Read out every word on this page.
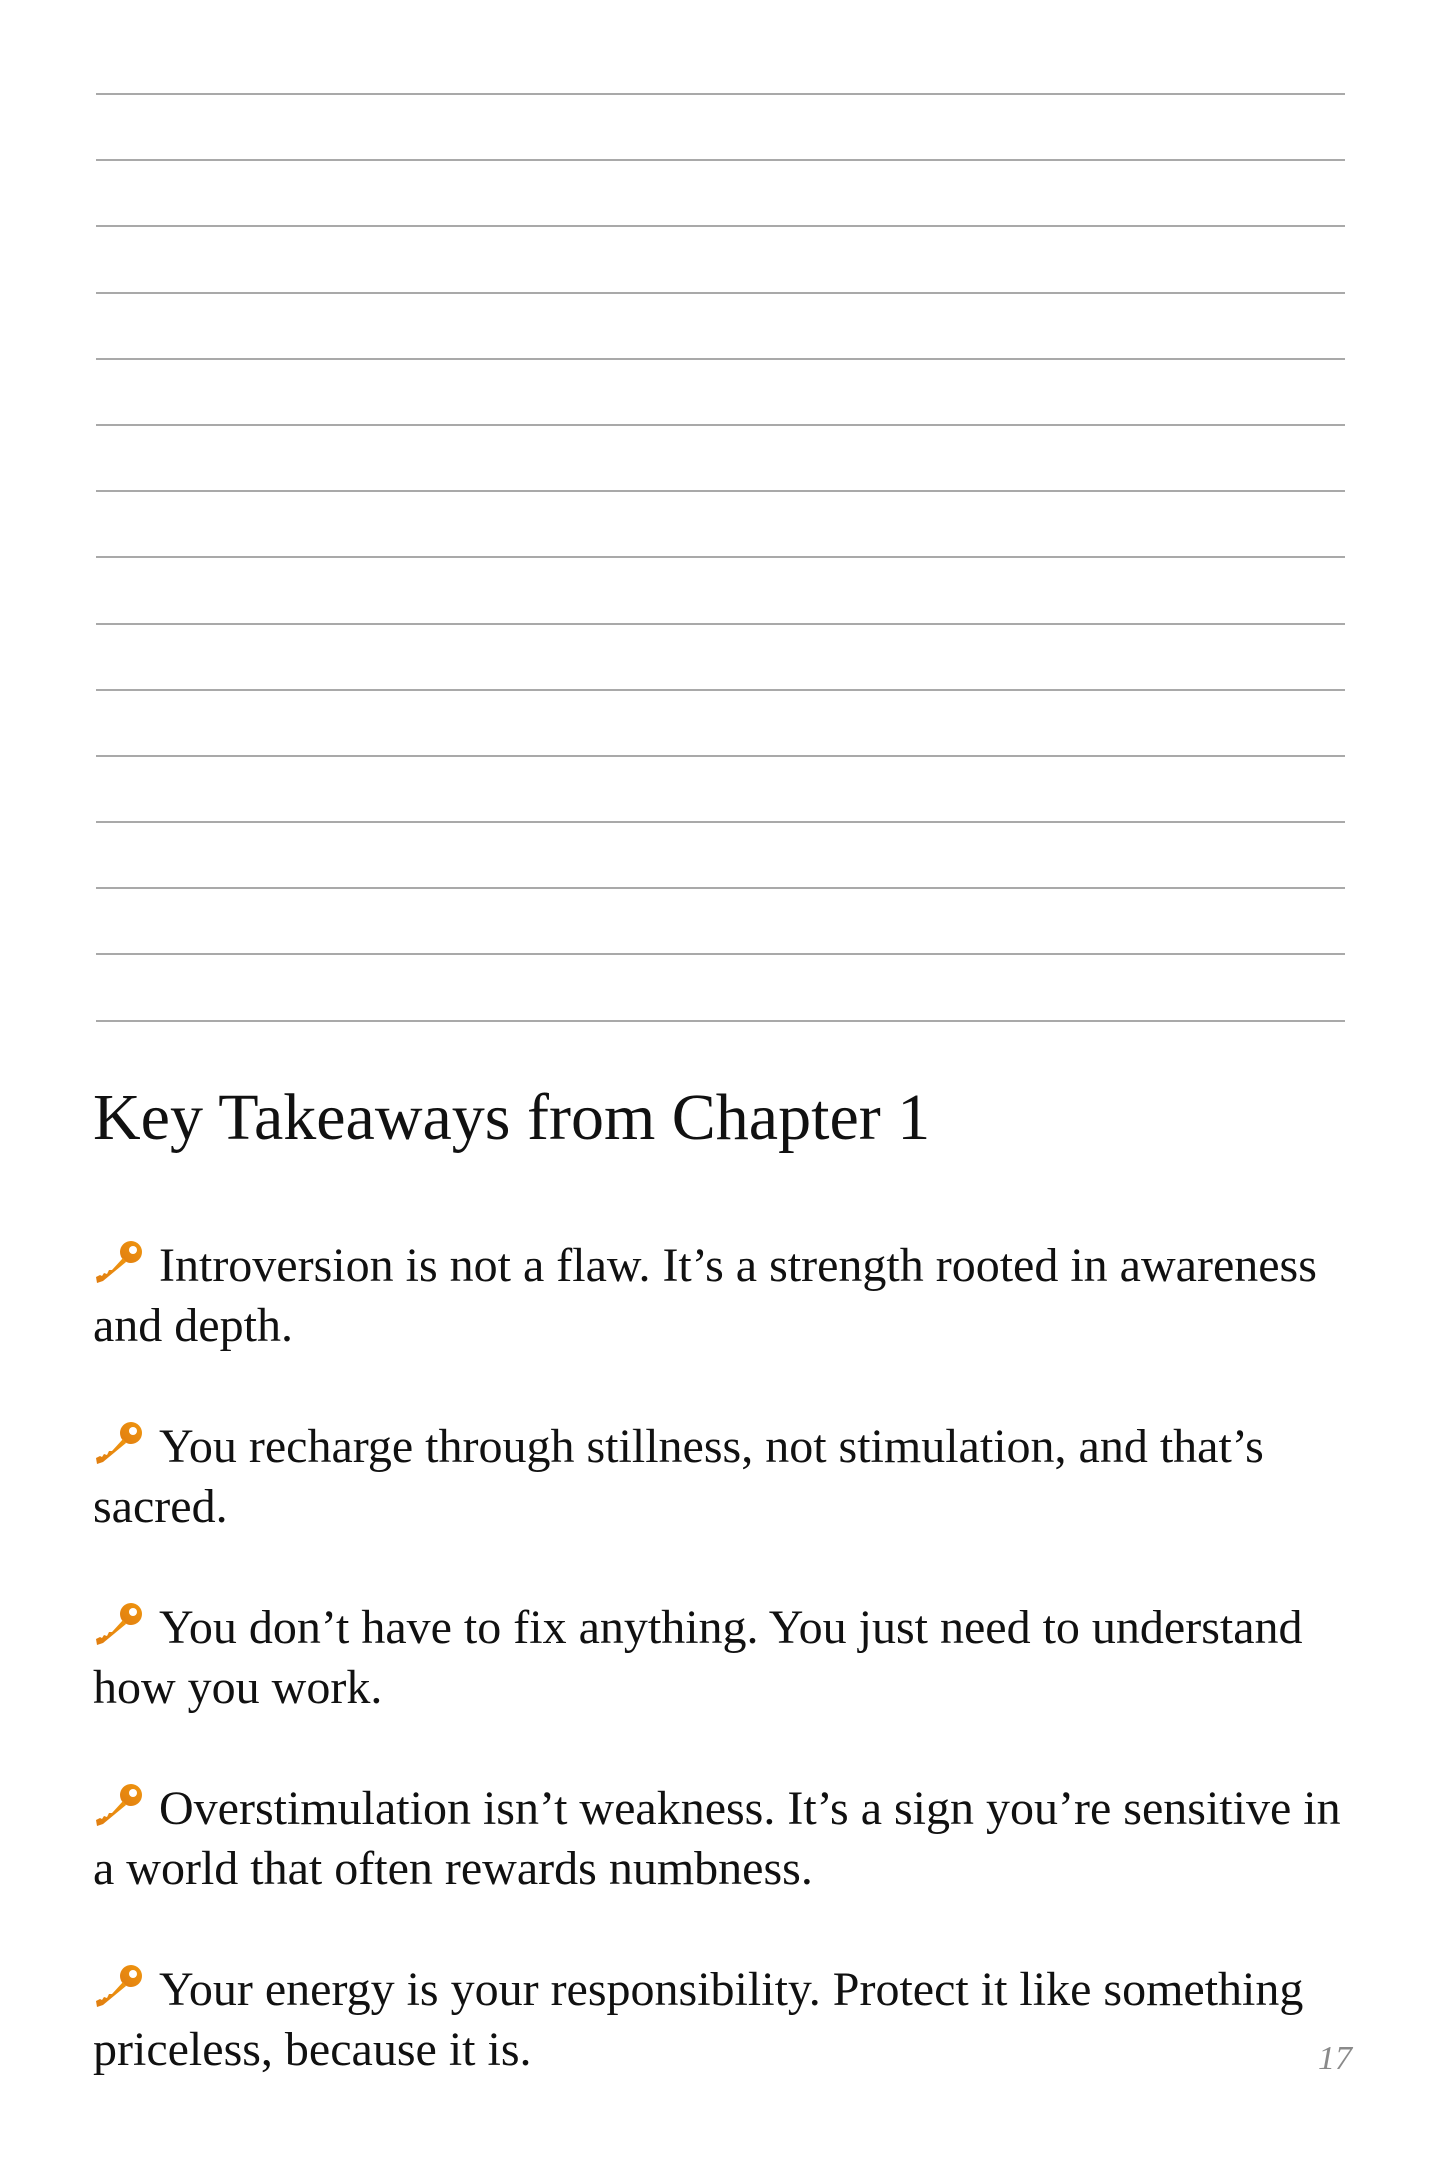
Key Takeaways from Chapter 1

Introversion is not a flaw. It’s a strength rooted in awareness and depth.

You recharge through stillness, not stimulation, and that’s sacred.

You don’t have to fix anything. You just need to understand how you work.

Overstimulation isn’t weakness. It’s a sign you’re sensitive in a world that often rewards numbness.

Your energy is your responsibility. Protect it like something priceless, because it is.	17
